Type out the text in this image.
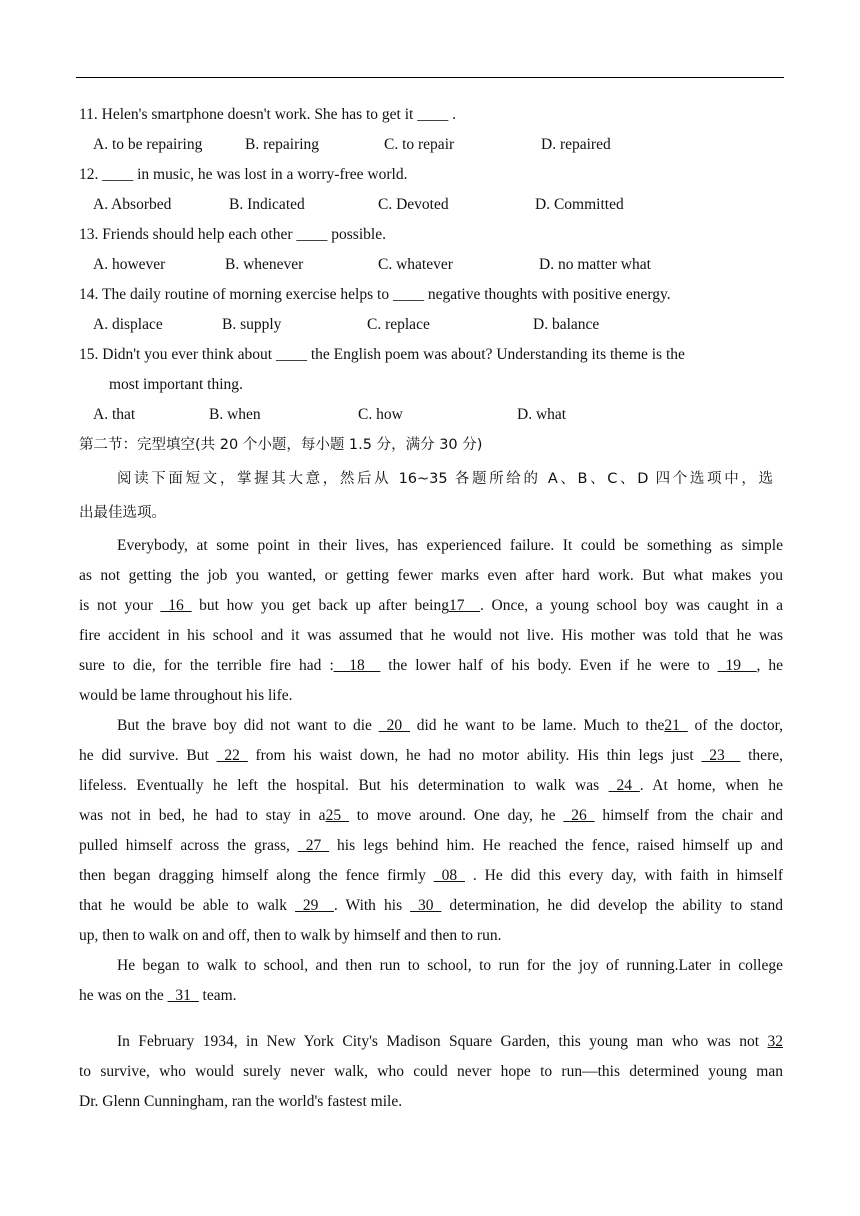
11. Helen's smartphone doesn't work. She has to get it ____ .
A. to be repairing	B. repairing	C. to repair	D. repaired
12. ____ in music, he was lost in a worry-free world.
A. Absorbed	B. Indicated	C. Devoted	D. Committed
13. Friends should help each other ____ possible.
A. however	B. whenever	C. whatever	D. no matter what
14. The daily routine of morning exercise helps to ____ negative thoughts with positive energy.
A. displace	B. supply	C. replace	D. balance
15. Didn't you ever think about ____ the English poem was about? Understanding its theme is the
most important thing.
A. that	B. when	C. how	D. what
第二节：完型填空(共 20 个小题，每小题 1.5 分，满分 30 分)
阅读下面短文，掌握其大意，然后从 16~35 各题所给的 A、B、C、D 四个选项中，选
出最佳选项。
Everybody, at some point in their lives, has experienced failure. It could be something as simple
as not getting the job you wanted, or getting fewer marks even after hard work. But what makes you
is not your _16_ but how you get back up after being17__. Once, a young school boy was caught in a
fire accident in his school and it was assumed that he would not live. His mother was told that he was
sure to die, for the terrible fire had :__18__ the lower half of his body. Even if he were to _19__, he
would be lame throughout his life.
But the brave boy did not want to die _20_ did he want to be lame. Much to the21_ of the doctor,
he did survive. But _22_ from his waist down, he had no motor ability. His thin legs just _23__ there,
lifeless. Eventually he left the hospital. But his determination to walk was _24_. At home, when he
was not in bed, he had to stay in a25_ to move around. One day, he _26_ himself from the chair and
pulled himself across the grass, _27_ his legs behind him. He reached the fence, raised himself up and
then began dragging himself along the fence firmly _08_ . He did this every day, with faith in himself
that he would be able to walk _29__. With his _30_ determination, he did develop the ability to stand
up, then to walk on and off, then to walk by himself and then to run.
He began to walk to school, and then run to school, to run for the joy of running.Later in college
he was on the _31_ team.
In February 1934, in New York City's Madison Square Garden, this young man who was not 32
to survive, who would surely never walk, who could never hope to run—this determined young man
Dr. Glenn Cunningham, ran the world's fastest mile.
